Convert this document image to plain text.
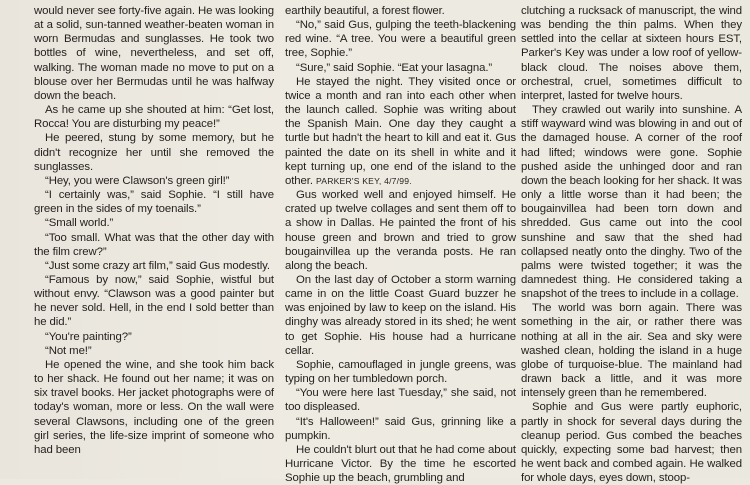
would never see forty-five again. He was looking at a solid, sun-tanned weather-beaten woman in worn Bermudas and sunglasses. He took two bottles of wine, nevertheless, and set off, walking. The woman made no move to put on a blouse over her Bermudas until he was halfway down the beach.

As he came up she shouted at him: “Get lost, Rocca! You are disturbing my peace!”

He peered, stung by some memory, but he didn't recognize her until she removed the sunglasses.

“Hey, you were Clawson's green girl!”

“I certainly was,” said Sophie. “I still have green in the sides of my toenails.”

“Small world.”

“Too small. What was that the other day with the film crew?”

“Just some crazy art film,” said Gus modestly.

“Famous by now,” said Sophie, wistful but without envy. “Clawson was a good painter but he never sold. Hell, in the end I sold better than he did.”

“You're painting?”

“Not me!”

He opened the wine, and she took him back to her shack. He found out her name; it was on six travel books. Her jacket photographs were of today's woman, more or less. On the wall were several Clawsons, including one of the green girl series, the life-size imprint of someone who had been

earthily beautiful, a forest flower.

“No,” said Gus, gulping the teeth-blackening red wine. “A tree. You were a beautiful green tree, Sophie.”

“Sure,” said Sophie. “Eat your lasagna.”

He stayed the night. They visited once or twice a month and ran into each other when the launch called. Sophie was writing about the Spanish Main. One day they caught a turtle but hadn't the heart to kill and eat it. Gus painted the date on its shell in white and it kept turning up, one end of the island to the other. PARKER'S KEY, 4/7/99.

Gus worked well and enjoyed himself. He crated up twelve collages and sent them off to a show in Dallas. He painted the front of his house green and brown and tried to grow bougainvillea up the veranda posts. He ran along the beach.

On the last day of October a storm warning came in on the little Coast Guard buzzer he was enjoined by law to keep on the island. His dinghy was already stored in its shed; he went to get Sophie. His house had a hurricane cellar.

Sophie, camouflaged in jungle greens, was typing on her tumbledown porch.

“You were here last Tuesday,” she said, not too displeased.

“It's Halloween!” said Gus, grinning like a pumpkin.

He couldn't blurt out that he had come about Hurricane Victor. By the time he escorted Sophie up the beach, grumbling and

clutching a rucksack of manuscript, the wind was bending the thin palms. When they settled into the cellar at sixteen hours EST, Parker's Key was under a low roof of yellow-black cloud. The noises above them, orchestral, cruel, sometimes difficult to interpret, lasted for twelve hours.

They crawled out warily into sunshine. A stiff wayward wind was blowing in and out of the damaged house. A corner of the roof had lifted; windows were gone. Sophie pushed aside the unhinged door and ran down the beach looking for her shack. It was only a little worse than it had been; the bougainvillea had been torn down and shredded. Gus came out into the cool sunshine and saw that the shed had collapsed neatly onto the dinghy. Two of the palms were twisted together; it was the damnedest thing. He considered taking a snapshot of the trees to include in a collage.

The world was born again. There was something in the air, or rather there was nothing at all in the air. Sea and sky were washed clean, holding the island in a huge globe of turquoise-blue. The mainland had drawn back a little, and it was more intensely green than he remembered.

Sophie and Gus were partly euphoric, partly in shock for several days during the cleanup period. Gus combed the beaches quickly, expecting some bad harvest; then he went back and combed again. He walked for whole days, eyes down, stoop-
